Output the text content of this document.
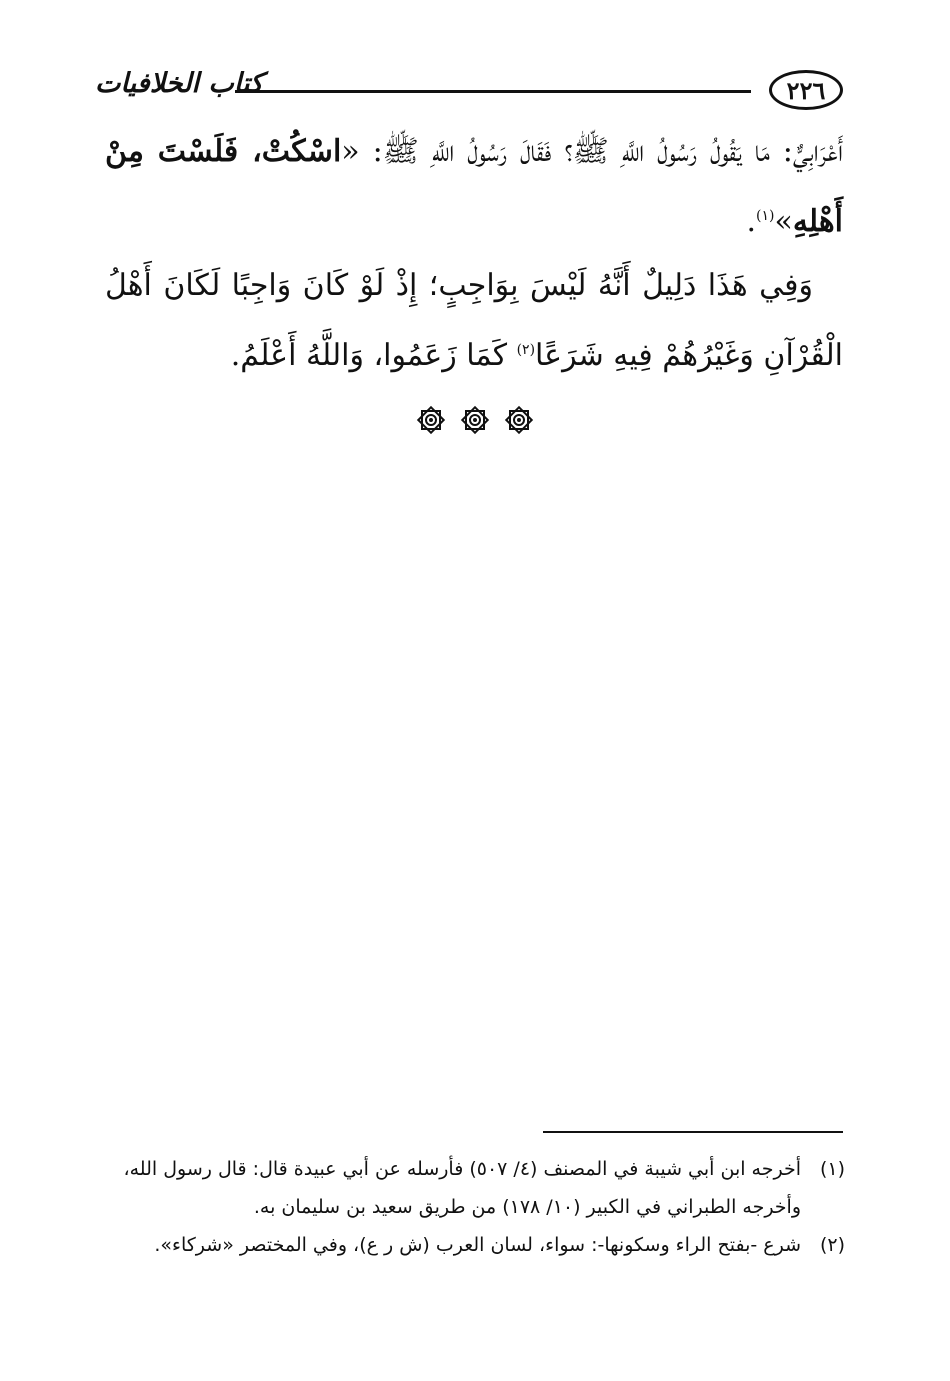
٢٢٦
كتاب الخلافيات

أَعْرَابِيٌّ: مَا يَقُولُ رَسُولُ اللَّهِ ﷺ؟ فَقَالَ رَسُولُ اللَّهِ ﷺ: «اسْكُتْ، فَلَسْتَ مِنْ أَهْلِهِ»$^{(١)}$.

 وَفِي هَذَا دَلِيلٌ أَنَّهُ لَيْسَ بِوَاجِبٍ؛ إِذْ لَوْ كَانَ وَاجِبًا لَكَانَ أَهْلُ الْقُرْآنِ وَغَيْرُهُمْ فِيهِ شَرَعًا$^{(٢)}$ كَمَا زَعَمُوا، وَاللَّهُ أَعْلَمُ.

(١)
أخرجه ابن أبي شيبة في المصنف (٤/ ٥٠٧) فأرسله عن أبي عبيدة قال: قال رسول الله،
وأخرجه الطبراني في الكبير (١٠/ ١٧٨) من طريق سعيد بن سليمان به.
(٢)
شرع -بفتح الراء وسكونها-: سواء، لسان العرب (ش ر ع)، وفي المختصر «شركاء».
